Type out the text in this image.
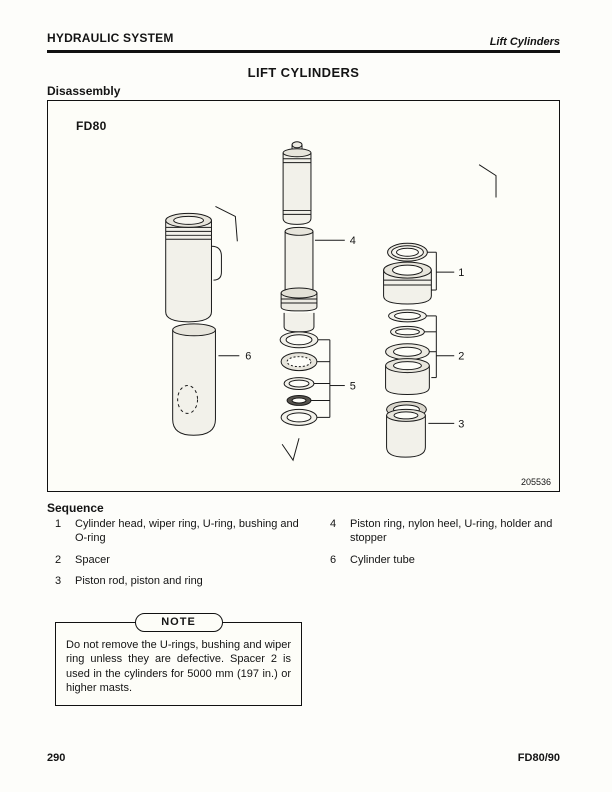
HYDRAULIC SYSTEM	Lift Cylinders
LIFT CYLINDERS
Disassembly
1
2
3
4
5
6
FD80
205536
Sequence
1	Cylinder head, wiper ring, U-ring, bushing and O-ring
2	Spacer
3	Piston rod, piston and ring
4	Piston ring, nylon heel, U-ring, holder and stopper
6	Cylinder tube
NOTE
Do not remove the U-rings, bushing and wiper ring unless they are defective. Spacer 2 is used in the cylinders for 5000 mm (197 in.) or higher masts.
290	FD80/90
